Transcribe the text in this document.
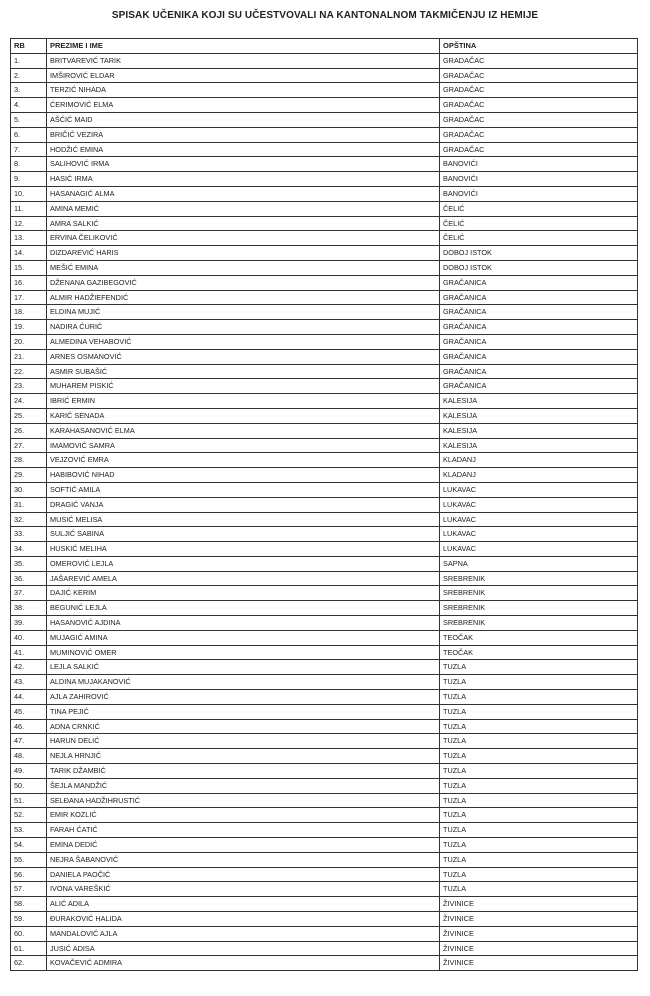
SPISAK UČENIKA KOJI SU UČESTVOVALI NA KANTONALNOM TAKMIČENJU IZ HEMIJE
RB	PREZIME I IME	OPŠTINA
1.	BRITVAREVIĆ TARIK	GRADAČAC
2.	IMŠIROVIĆ ELDAR	GRADAČAC
3.	TERZIĆ NIHADA	GRADAČAC
4.	ĆERIMOVIĆ ELMA	GRADAČAC
5.	AŠĆIĆ MAID	GRADAČAC
6.	BRIČIĆ VEZIRA	GRADAČAC
7.	HODŽIĆ EMINA	GRADAČAC
8.	SALIHOVIĆ IRMA	BANOVIĆI
9.	HASIĆ IRMA	BANOVIĆI
10.	HASANAGIĆ ALMA	BANOVIĆI
11.	AMINA MEMIĆ	ČELIĆ
12.	AMRA SALKIĆ	ČELIĆ
13.	ERVINA ČELIKOVIĆ	ČELIĆ
14.	DIZDAREVIĆ HARIS	DOBOJ ISTOK
15.	MEŠIĆ EMINA	DOBOJ ISTOK
16.	DŽENANA GAZIBEGOVIĆ	GRAČANICA
17.	ALMIR HADŽIEFENDIĆ	GRAČANICA
18.	ELDINA MUJIĆ	GRAČANICA
19.	NADIRA ĆURIĆ	GRAČANICA
20.	ALMEDINA VEHABOVIĆ	GRAČANICA
21.	ARNES OSMANOVIĆ	GRAČANICA
22.	ASMIR SUBAŠIĆ	GRAČANICA
23.	MUHAREM PISKIĆ	GRAČANICA
24.	IBRIĆ ERMIN	KALESIJA
25.	KARIĆ SENADA	KALESIJA
26.	KARAHASANOVIĆ ELMA	KALESIJA
27.	IMAMOVIĆ SAMRA	KALESIJA
28.	VEJZOVIĆ EMRA	KLADANJ
29.	HABIBOVIĆ NIHAD	KLADANJ
30.	SOFTIĆ AMILA	LUKAVAC
31.	DRAGIĆ VANJA	LUKAVAC
32.	MUSIĆ MELISA	LUKAVAC
33.	SULJIĆ SABINA	LUKAVAC
34.	HUSKIĆ MELIHA	LUKAVAC
35.	OMEROVIĆ LEJLA	SAPNA
36.	JAŠAREVIĆ AMELA	SREBRENIK
37.	DAJIĆ KERIM	SREBRENIK
38.	BEGUNIĆ LEJLA	SREBRENIK
39.	HASANOVIĆ AJDINA	SREBRENIK
40.	MUJAGIĆ AMINA	TEOČAK
41.	MUMINOVIĆ OMER	TEOČAK
42.	LEJLA SALKIĆ	TUZLA
43.	ALDINA MUJAKANOVIĆ	TUZLA
44.	AJLA ZAHIROVIĆ	TUZLA
45.	TINA PEJIĆ	TUZLA
46.	ADNA CRNKIĆ	TUZLA
47.	HARUN DELIĆ	TUZLA
48.	NEJLA HRNJIĆ	TUZLA
49.	TARIK DŽAMBIĆ	TUZLA
50.	ŠEJLA MANDŽIĆ	TUZLA
51.	SELĐANA HADŽIHRUSTIĆ	TUZLA
52.	EMIR KOZLIĆ	TUZLA
53.	FARAH ĆATIĆ	TUZLA
54.	EMINA DEDIĆ	TUZLA
55.	NEJRA ŠABANOVIĆ	TUZLA
56.	DANIELA PAOČIĆ	TUZLA
57.	IVONA VAREŠKIĆ	TUZLA
58.	ALIĆ ADILA	ŽIVINICE
59.	ĐURAKOVIĆ HALIDA	ŽIVINICE
60.	MANDALOVIĆ AJLA	ŽIVINICE
61.	JUSIĆ ADISA	ŽIVINICE
62.	KOVAČEVIĆ ADMIRA	ŽIVINICE
